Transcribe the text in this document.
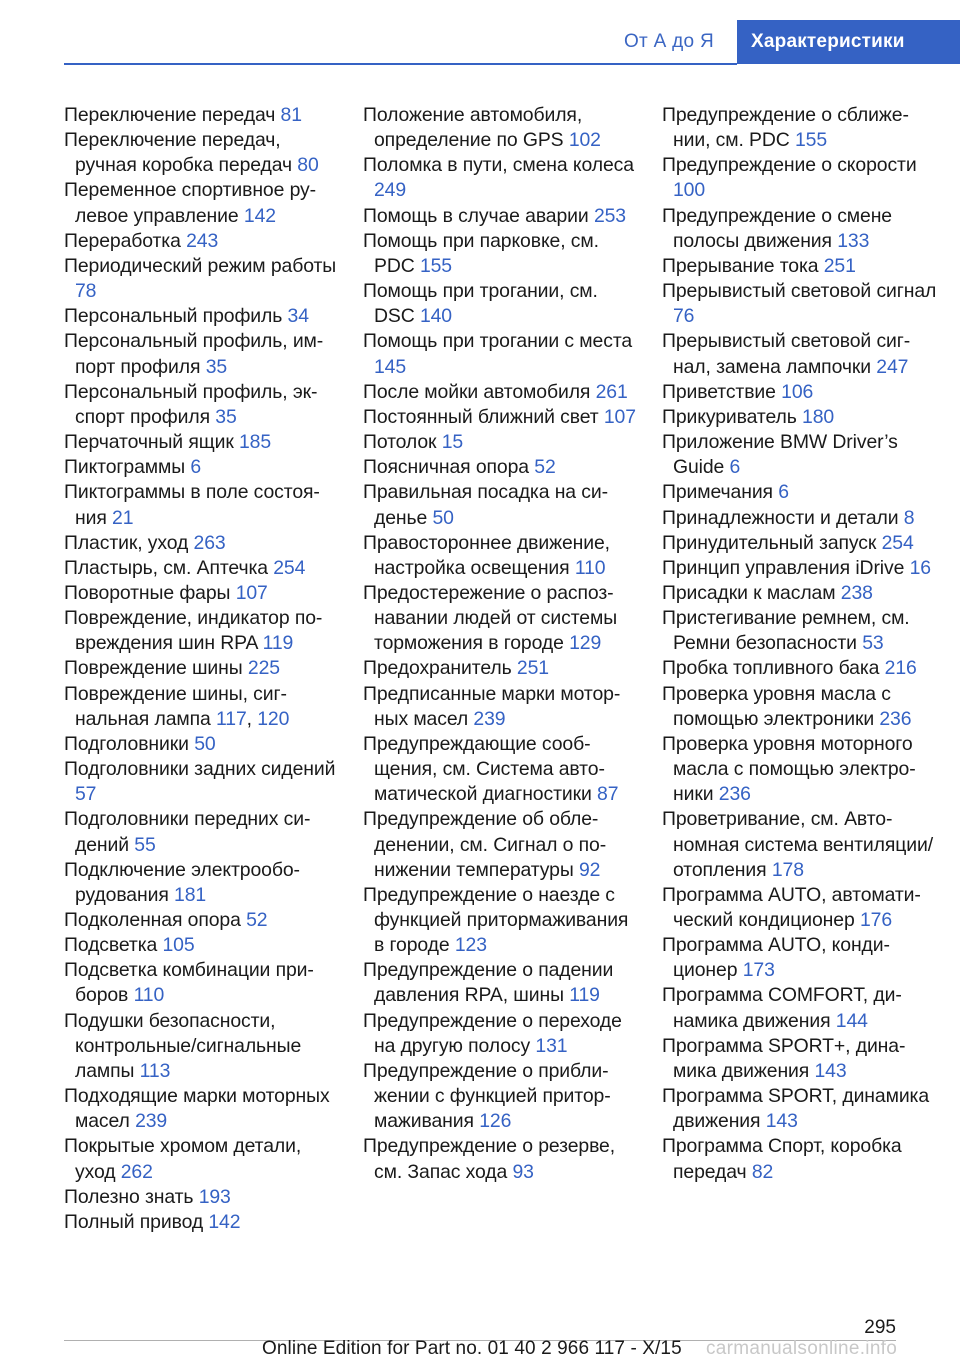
От А до Я	Характеристики

Переключение передач 81

Переключение передач, ручная коробка передач 80

Переменное спортивное рулевое управление 142

Переработка 243

Периодический режим работы 78

Персональный профиль 34

Персональный профиль, импорт профиля 35

Персональный профиль, экспорт профиля 35

Перчаточный ящик 185

Пиктограммы 6

Пиктограммы в поле состояния 21

Пластик, уход 263

Пластырь, см. Аптечка 254

Поворотные фары 107

Повреждение, индикатор повреждения шин RPA 119

Повреждение шины 225

Повреждение шины, сигнальная лампа 117, 120

Подголовники 50

Подголовники задних сидений 57

Подголовники передних сидений 55

Подключение электрооборудования 181

Подколенная опора 52

Подсветка 105

Подсветка комбинации приборов 110

Подушки безопасности, контрольные/сигнальные лампы 113

Подходящие марки моторных масел 239

Покрытые хромом детали, уход 262

Полезно знать 193

Полный привод 142

Положение автомобиля, определение по GPS 102

Поломка в пути, смена колеса 249

Помощь в случае аварии 253

Помощь при парковке, см. PDC 155

Помощь при трогании, см. DSC 140

Помощь при трогании с места 145

После мойки автомобиля 261

Постоянный ближний свет 107

Потолок 15

Поясничная опора 52

Правильная посадка на сиденье 50

Правостороннее движение, настройка освещения 110

Предостережение о распознавании людей от системы торможения в городе 129

Предохранитель 251

Предписанные марки моторных масел 239

Предупреждающие сообщения, см. Система автоматической диагностики 87

Предупреждение об обледенении, см. Сигнал о понижении температуры 92

Предупреждение о наезде с функцией притормаживания в городе 123

Предупреждение о падении давления RPA, шины 119

Предупреждение о переходе на другую полосу 131

Предупреждение о приближении с функцией притормаживания 126

Предупреждение о резерве, см. Запас хода 93

Предупреждение о сближении, см. PDC 155

Предупреждение о скорости 100

Предупреждение о смене полосы движения 133

Прерывание тока 251

Прерывистый световой сигнал 76

Прерывистый световой сигнал, замена лампочки 247

Приветствие 106

Прикуриватель 180

Приложение BMW Driver’s Guide 6

Примечания 6

Принадлежности и детали 8

Принудительный запуск 254

Принцип управления iDrive 16

Присадки к маслам 238

Пристегивание ремнем, см. Ремни безопасности 53

Пробка топливного бака 216

Проверка уровня масла с помощью электроники 236

Проверка уровня моторного масла с помощью электроники 236

Проветривание, см. Автономная система вентиляции/отопления 178

Программа AUTO, автоматический кондиционер 176

Программа AUTO, кондиционер 173

Программа COMFORT, динамика движения 144

Программа SPORT+, динамика движения 143

Программа SPORT, динамика движения 143

Программа Спорт, коробка передач 82

295
Online Edition for Part no. 01 40 2 966 117 - X/15 carmanualsonline.info
